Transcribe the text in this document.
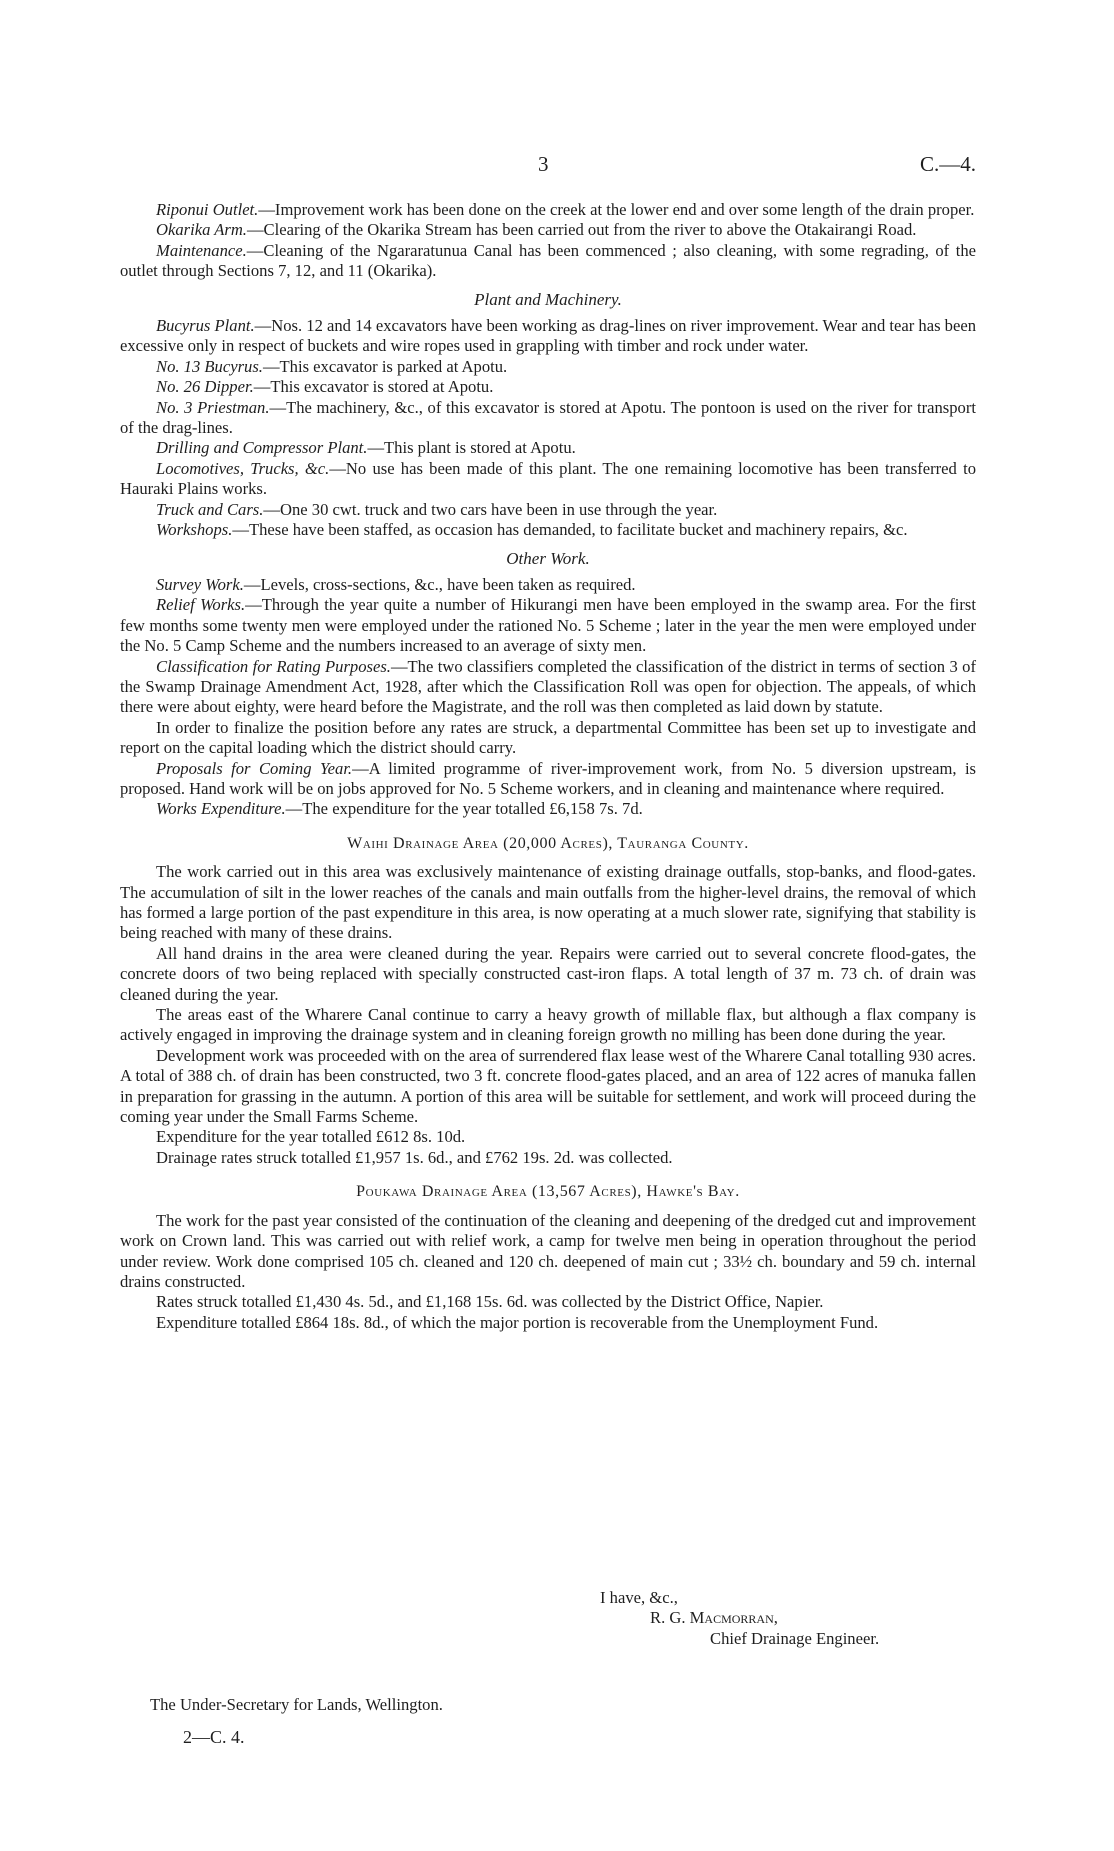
3	C.—4.

Riponui Outlet.—Improvement work has been done on the creek at the lower end and over some length of the drain proper.

Okarika Arm.—Clearing of the Okarika Stream has been carried out from the river to above the Otakairangi Road.

Maintenance.—Cleaning of the Ngararatunua Canal has been commenced ; also cleaning, with some regrading, of the outlet through Sections 7, 12, and 11 (Okarika).

Plant and Machinery.

Bucyrus Plant.—Nos. 12 and 14 excavators have been working as drag-lines on river improvement. Wear and tear has been excessive only in respect of buckets and wire ropes used in grappling with timber and rock under water.

No. 13 Bucyrus.—This excavator is parked at Apotu.

No. 26 Dipper.—This excavator is stored at Apotu.

No. 3 Priestman.—The machinery, &c., of this excavator is stored at Apotu. The pontoon is used on the river for transport of the drag-lines.

Drilling and Compressor Plant.—This plant is stored at Apotu.

Locomotives, Trucks, &c.—No use has been made of this plant. The one remaining locomotive has been transferred to Hauraki Plains works.

Truck and Cars.—One 30 cwt. truck and two cars have been in use through the year.

Workshops.—These have been staffed, as occasion has demanded, to facilitate bucket and machinery repairs, &c.

Other Work.

Survey Work.—Levels, cross-sections, &c., have been taken as required.

Relief Works.—Through the year quite a number of Hikurangi men have been employed in the swamp area. For the first few months some twenty men were employed under the rationed No. 5 Scheme ; later in the year the men were employed under the No. 5 Camp Scheme and the numbers increased to an average of sixty men.

Classification for Rating Purposes.—The two classifiers completed the classification of the district in terms of section 3 of the Swamp Drainage Amendment Act, 1928, after which the Classification Roll was open for objection. The appeals, of which there were about eighty, were heard before the Magistrate, and the roll was then completed as laid down by statute.

In order to finalize the position before any rates are struck, a departmental Committee has been set up to investigate and report on the capital loading which the district should carry.

Proposals for Coming Year.—A limited programme of river-improvement work, from No. 5 diversion upstream, is proposed. Hand work will be on jobs approved for No. 5 Scheme workers, and in cleaning and maintenance where required.

Works Expenditure.—The expenditure for the year totalled £6,158 7s. 7d.

Waihi Drainage Area (20,000 Acres), Tauranga County.

The work carried out in this area was exclusively maintenance of existing drainage outfalls, stop-banks, and flood-gates. The accumulation of silt in the lower reaches of the canals and main outfalls from the higher-level drains, the removal of which has formed a large portion of the past expenditure in this area, is now operating at a much slower rate, signifying that stability is being reached with many of these drains.

All hand drains in the area were cleaned during the year. Repairs were carried out to several concrete flood-gates, the concrete doors of two being replaced with specially constructed cast-iron flaps. A total length of 37 m. 73 ch. of drain was cleaned during the year.

The areas east of the Wharere Canal continue to carry a heavy growth of millable flax, but although a flax company is actively engaged in improving the drainage system and in cleaning foreign growth no milling has been done during the year.

Development work was proceeded with on the area of surrendered flax lease west of the Wharere Canal totalling 930 acres. A total of 388 ch. of drain has been constructed, two 3 ft. concrete flood-gates placed, and an area of 122 acres of manuka fallen in preparation for grassing in the autumn. A portion of this area will be suitable for settlement, and work will proceed during the coming year under the Small Farms Scheme.

Expenditure for the year totalled £612 8s. 10d.

Drainage rates struck totalled £1,957 1s. 6d., and £762 19s. 2d. was collected.

Poukawa Drainage Area (13,567 Acres), Hawke's Bay.

The work for the past year consisted of the continuation of the cleaning and deepening of the dredged cut and improvement work on Crown land. This was carried out with relief work, a camp for twelve men being in operation throughout the period under review. Work done comprised 105 ch. cleaned and 120 ch. deepened of main cut ; 33½ ch. boundary and 59 ch. internal drains constructed.

Rates struck totalled £1,430 4s. 5d., and £1,168 15s. 6d. was collected by the District Office, Napier.

Expenditure totalled £864 18s. 8d., of which the major portion is recoverable from the Unemployment Fund.

I have, &c.,
R. G. Macmorran,
Chief Drainage Engineer.
The Under-Secretary for Lands, Wellington.
2—C. 4.
